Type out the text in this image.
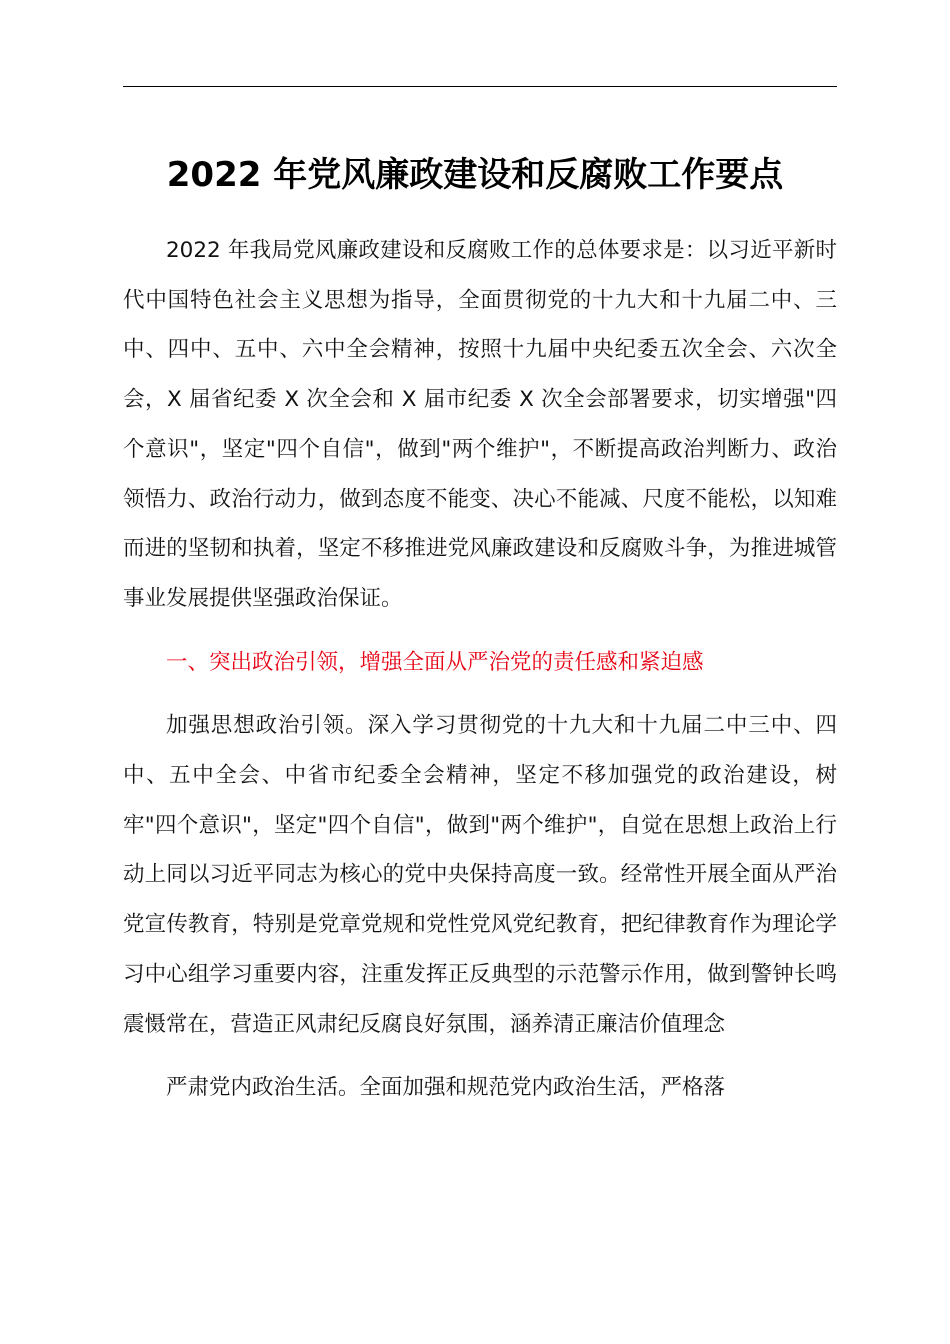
2022 年党风廉政建设和反腐败工作要点

2022 年我局党风廉政建设和反腐败工作的总体要求是：以习近平新时代中国特色社会主义思想为指导，全面贯彻党的十九大和十九届二中、三中、四中、五中、六中全会精神，按照十九届中央纪委五次全会、六次全会，X 届省纪委 X 次全会和 X 届市纪委 X 次全会部署要求，切实增强"四个意识"，坚定"四个自信"，做到"两个维护"，不断提高政治判断力、政治领悟力、政治行动力，做到态度不能变、决心不能减、尺度不能松，以知难而进的坚韧和执着，坚定不移推进党风廉政建设和反腐败斗争，为推进城管事业发展提供坚强政治保证。

一、突出政治引领，增强全面从严治党的责任感和紧迫感

加强思想政治引领。深入学习贯彻党的十九大和十九届二中三中、四中、五中全会、中省市纪委全会精神，坚定不移加强党的政治建设，树牢"四个意识"，坚定"四个自信"，做到"两个维护"，自觉在思想上政治上行动上同以习近平同志为核心的党中央保持高度一致。经常性开展全面从严治党宣传教育，特别是党章党规和党性党风党纪教育，把纪律教育作为理论学习中心组学习重要内容，注重发挥正反典型的示范警示作用，做到警钟长鸣震慑常在，营造正风肃纪反腐良好氛围，涵养清正廉洁价值理念

严肃党内政治生活。全面加强和规范党内政治生活，严格落
